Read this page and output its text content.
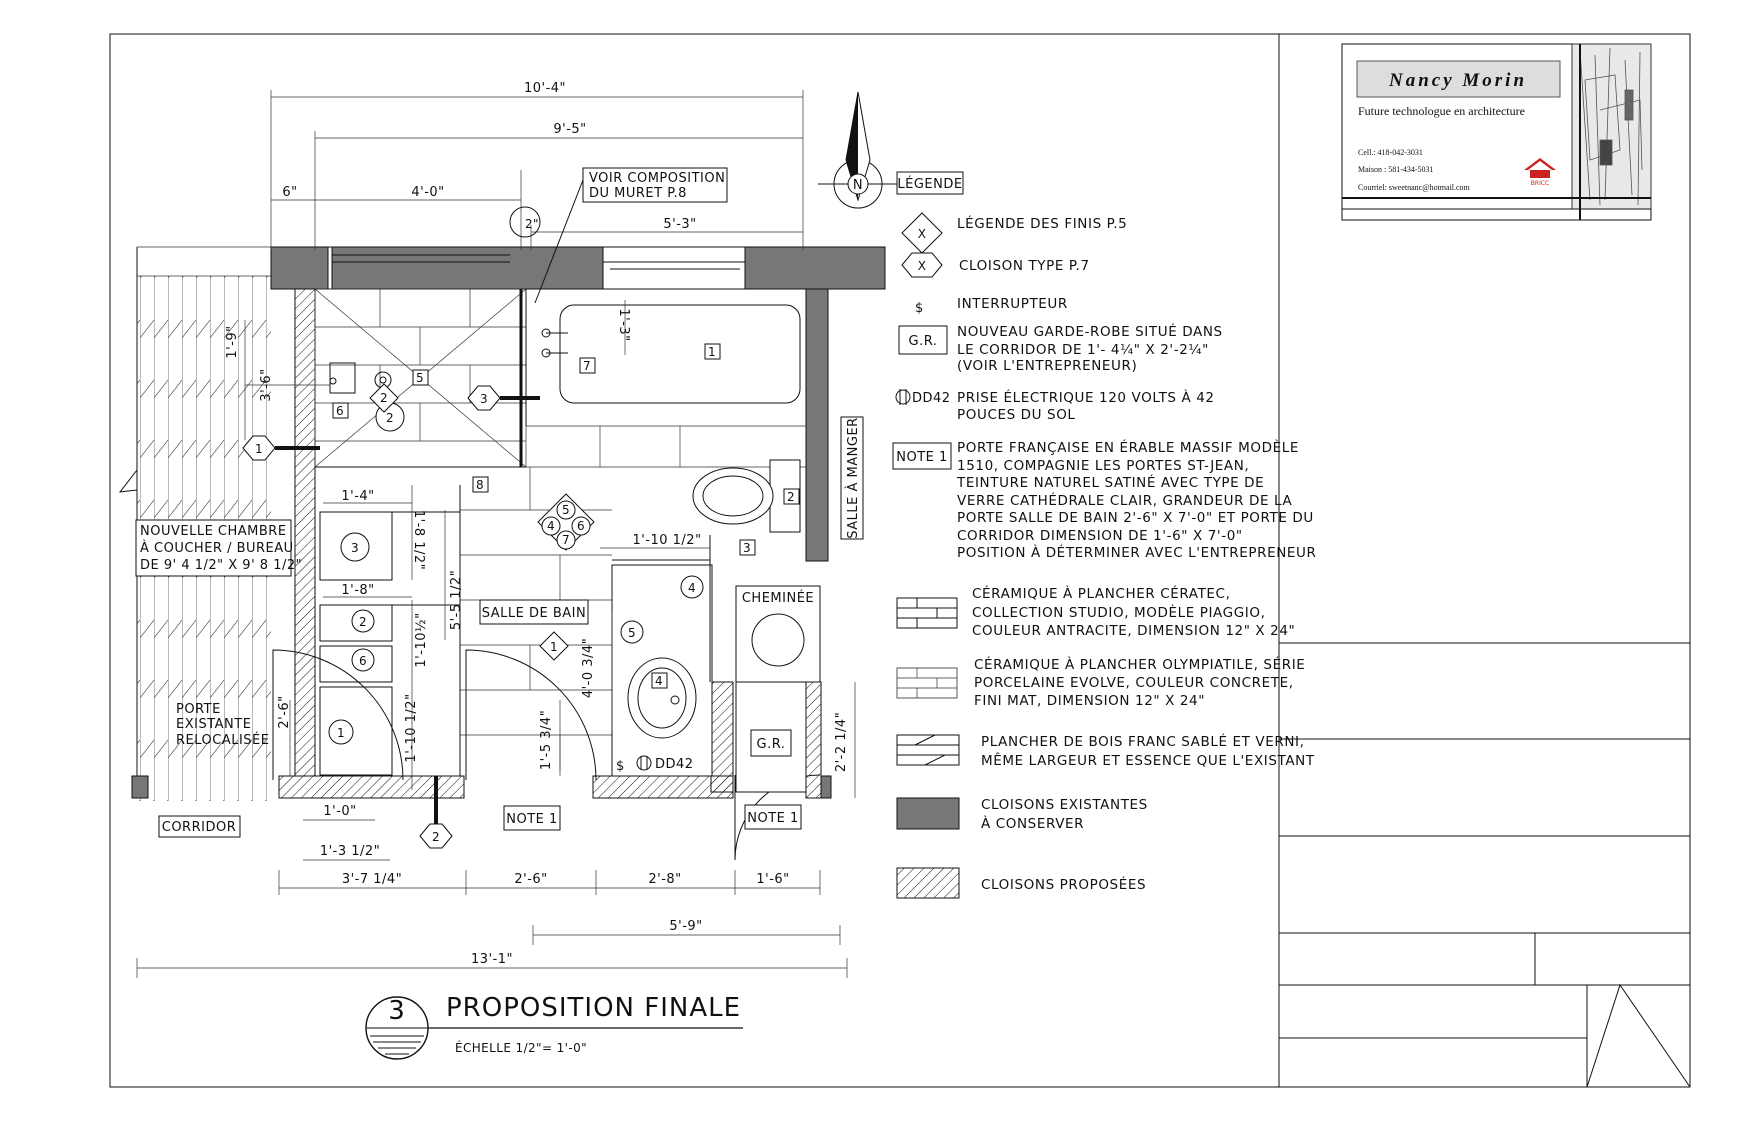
Nancy Morin
Future technologue en architecture
Cell.: 418-042-3031
Maison : 581-434-5031
Courriel: sweetnanc@hotmail.com	BRICC
10'-4"
9'-5"
6"	4'-0"
2"	5'-3"
1'-9"
3'-6"
1'-3"
1'-4"
1'-8 1/2"	1'-10 1/2"
1'-8"	5'-5 1/2"
1'-10½"
1'-10 1/2"
2'-6"
1'-0"
1'-3 1/2"
4'-0 3/4"
1'-5 3/4"	2'-2 1/4"
3'-7 1/4"	2'-6"	2'-8"	1'-6"
5'-9"
13'-1"
VOIR COMPOSITION
DU MURET P.8
NOUVELLE CHAMBRE
À COUCHER / BUREAU
DE 9' 4 1/2" X 9' 8 1/2"
PORTE
EXISTANTE
RELOCALISÉE
CORRIDOR
SALLE DE BAIN
SALLE À MANGER
CHEMINÉE
G.R.
NOTE 1	NOTE 1
$ DD42
1
3
2
2
3
2
6
1
4
5
5
6
7
1
8
2
3
4
5
4 6
7
1
2
N	LÉGENDE
X
LÉGENDE DES FINIS P.5
X CLOISON TYPE P.7
$ INTERRUPTEUR
G.R.
NOUVEAU GARDE-ROBE SITUÉ DANS
LE CORRIDOR DE 1'- 4¼" X 2'-2¼"
(VOIR L'ENTREPRENEUR)
DD42 PRISE ÉLECTRIQUE 120 VOLTS À 42
POUCES DU SOL
NOTE 1
PORTE FRANÇAISE EN ÉRABLE MASSIF MODÈLE
1510, COMPAGNIE LES PORTES ST-JEAN,
TEINTURE NATUREL SATINÉ AVEC TYPE DE
VERRE CATHÉDRALE CLAIR, GRANDEUR DE LA
PORTE SALLE DE BAIN 2'-6" X 7'-0" ET PORTE DU
CORRIDOR DIMENSION DE 1'-6" X 7'-0"
POSITION À DÉTERMINER AVEC L'ENTREPRENEUR
CÉRAMIQUE À PLANCHER CÉRATEC,
COLLECTION STUDIO, MODÈLE PIAGGIO,
COULEUR ANTRACITE, DIMENSION 12" X 24"
CÉRAMIQUE À PLANCHER OLYMPIATILE, SÉRIE
PORCELAINE EVOLVE, COULEUR CONCRETE,
FINI MAT, DIMENSION 12" X 24"
PLANCHER DE BOIS FRANC SABLÉ ET VERNI,
MÊME LARGEUR ET ESSENCE QUE L'EXISTANT
CLOISONS EXISTANTES
À CONSERVER
CLOISONS PROPOSÉES
3 PROPOSITION FINALE
ÉCHELLE 1/2"= 1'-0"
